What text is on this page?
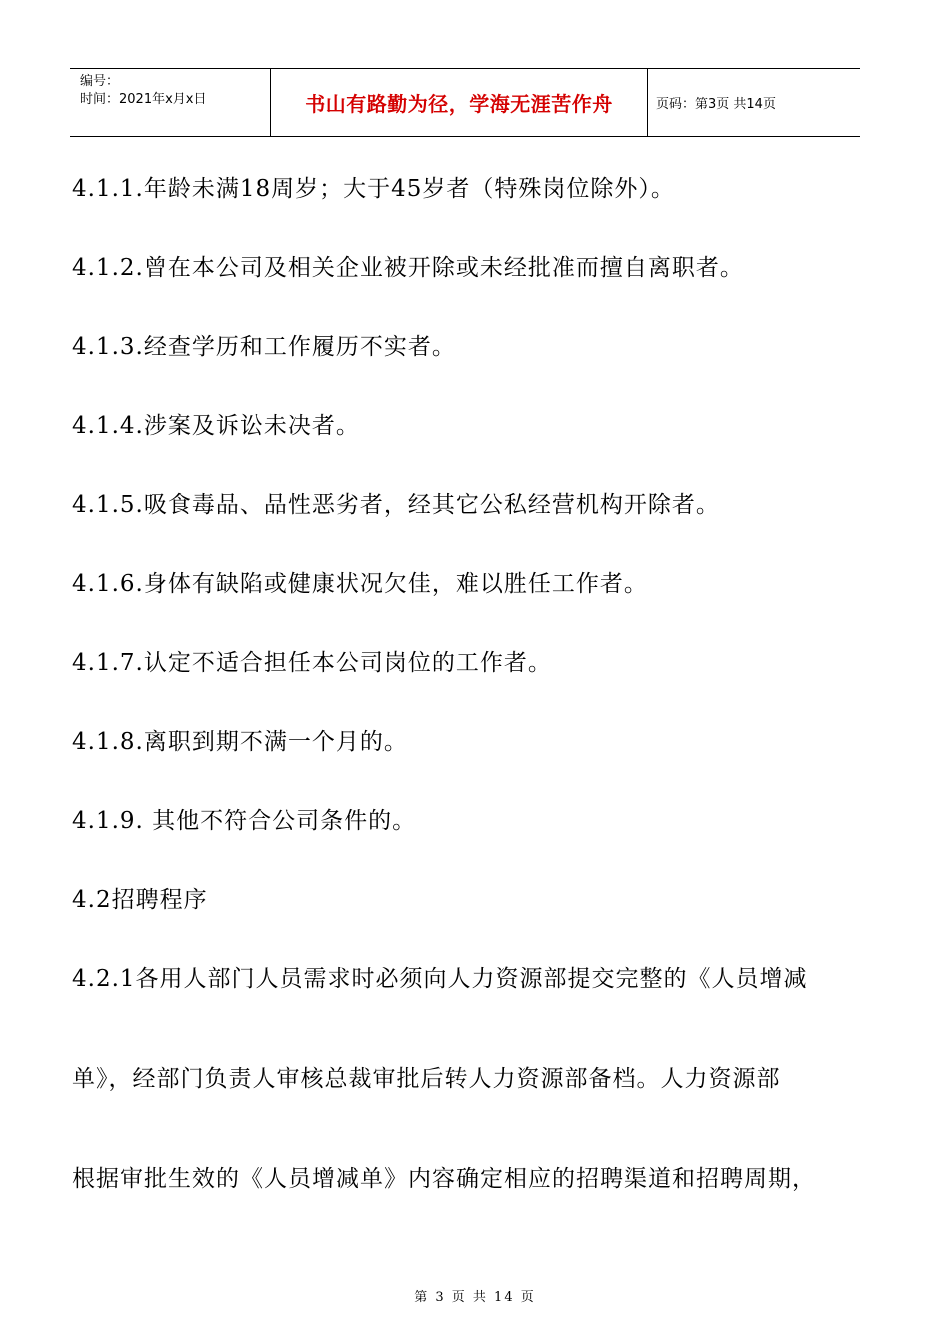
编号：
时间：2021年x月x日	书山有路勤为径，学海无涯苦作舟	页码：第3页 共14页
4.1.1.年龄未满18周岁；大于45岁者（特殊岗位除外）。
4.1.2.曾在本公司及相关企业被开除或未经批准而擅自离职者。
4.1.3.经查学历和工作履历不实者。
4.1.4.涉案及诉讼未决者。
4.1.5.吸食毒品、品性恶劣者，经其它公私经营机构开除者。
4.1.6.身体有缺陷或健康状况欠佳，难以胜任工作者。
4.1.7.认定不适合担任本公司岗位的工作者。
4.1.8.离职到期不满一个月的。
4.1.9. 其他不符合公司条件的。
4.2招聘程序
4.2.1各用人部门人员需求时必须向人力资源部提交完整的《人员增减
单》，经部门负责人审核总裁审批后转人力资源部备档。人力资源部
根据审批生效的《人员增减单》内容确定相应的招聘渠道和招聘周期，
第 3 页 共 14 页
